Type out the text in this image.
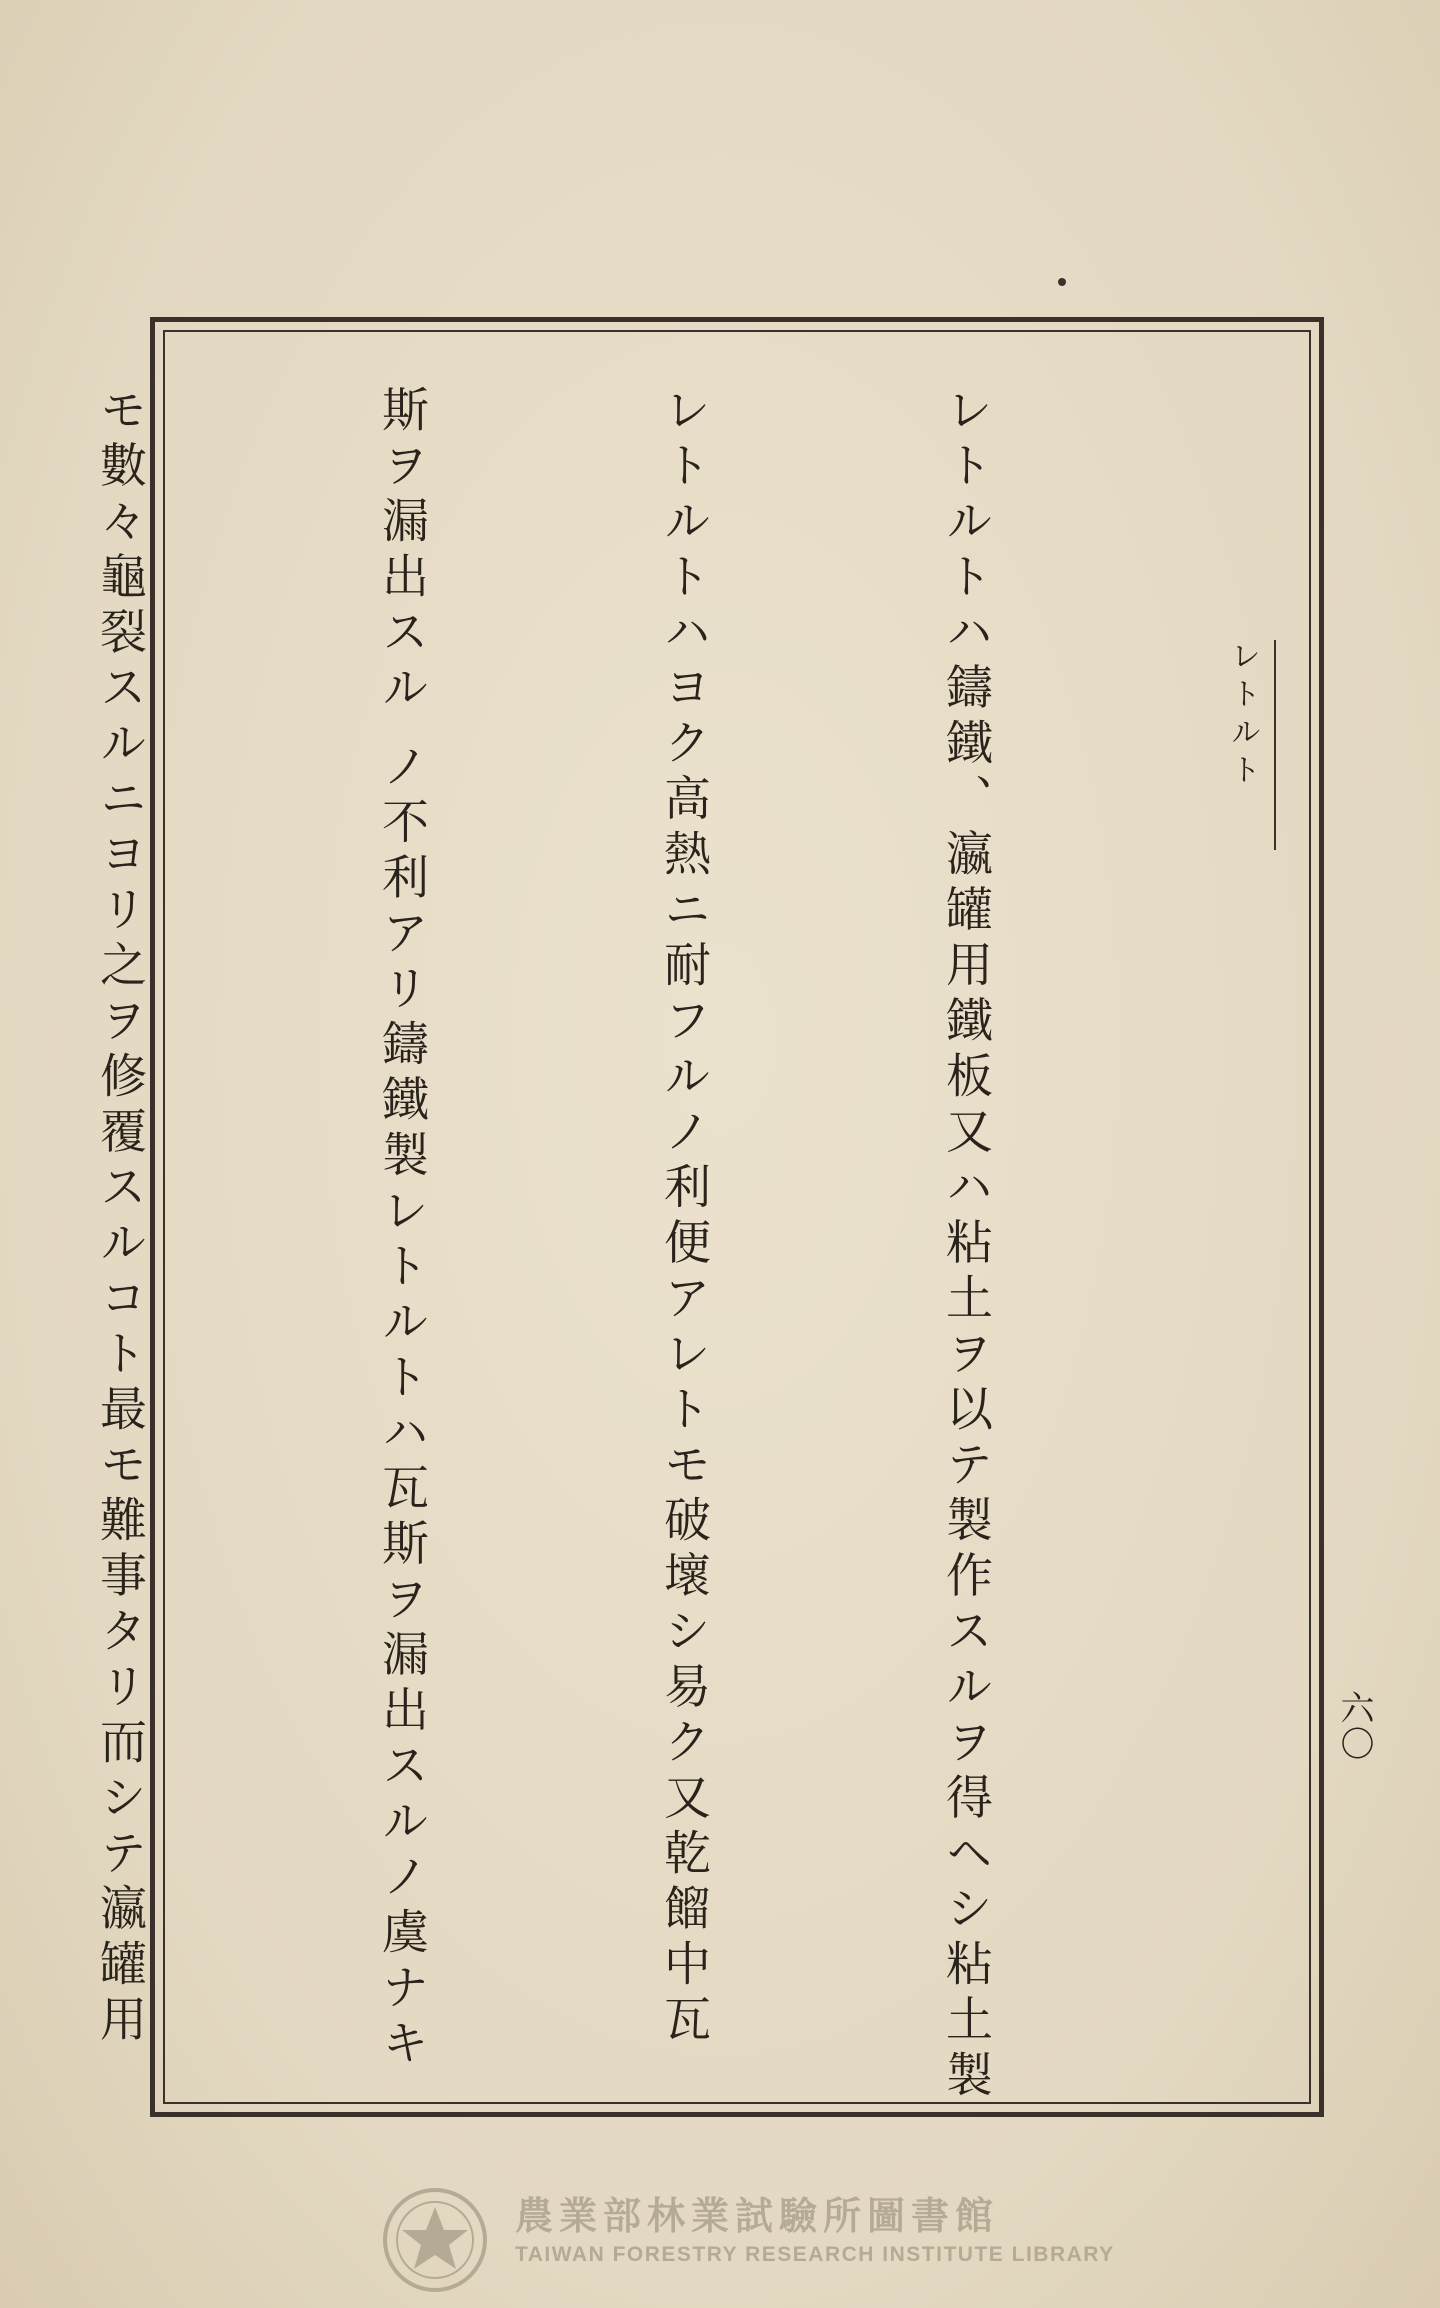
レトルト
六〇

レトルトハ鑄鐵、瀛罐用鐵板又ハ粘土ヲ以テ製作スルヲ得ヘシ粘土製

レトルトハヨク高熱ニ耐フルノ利便アレトモ破壞シ易ク又乾餾中瓦

斯ヲ漏出スル ノ不利アリ鑄鐵製レトルトハ瓦斯ヲ漏出スルノ虞ナキ

モ數々龜裂スルニヨリ之ヲ修覆スルコト最モ難事タリ而シテ瀛罐用

農業部林業試驗所圖書館
TAIWAN FORESTRY RESEARCH INSTITUTE LIBRARY
